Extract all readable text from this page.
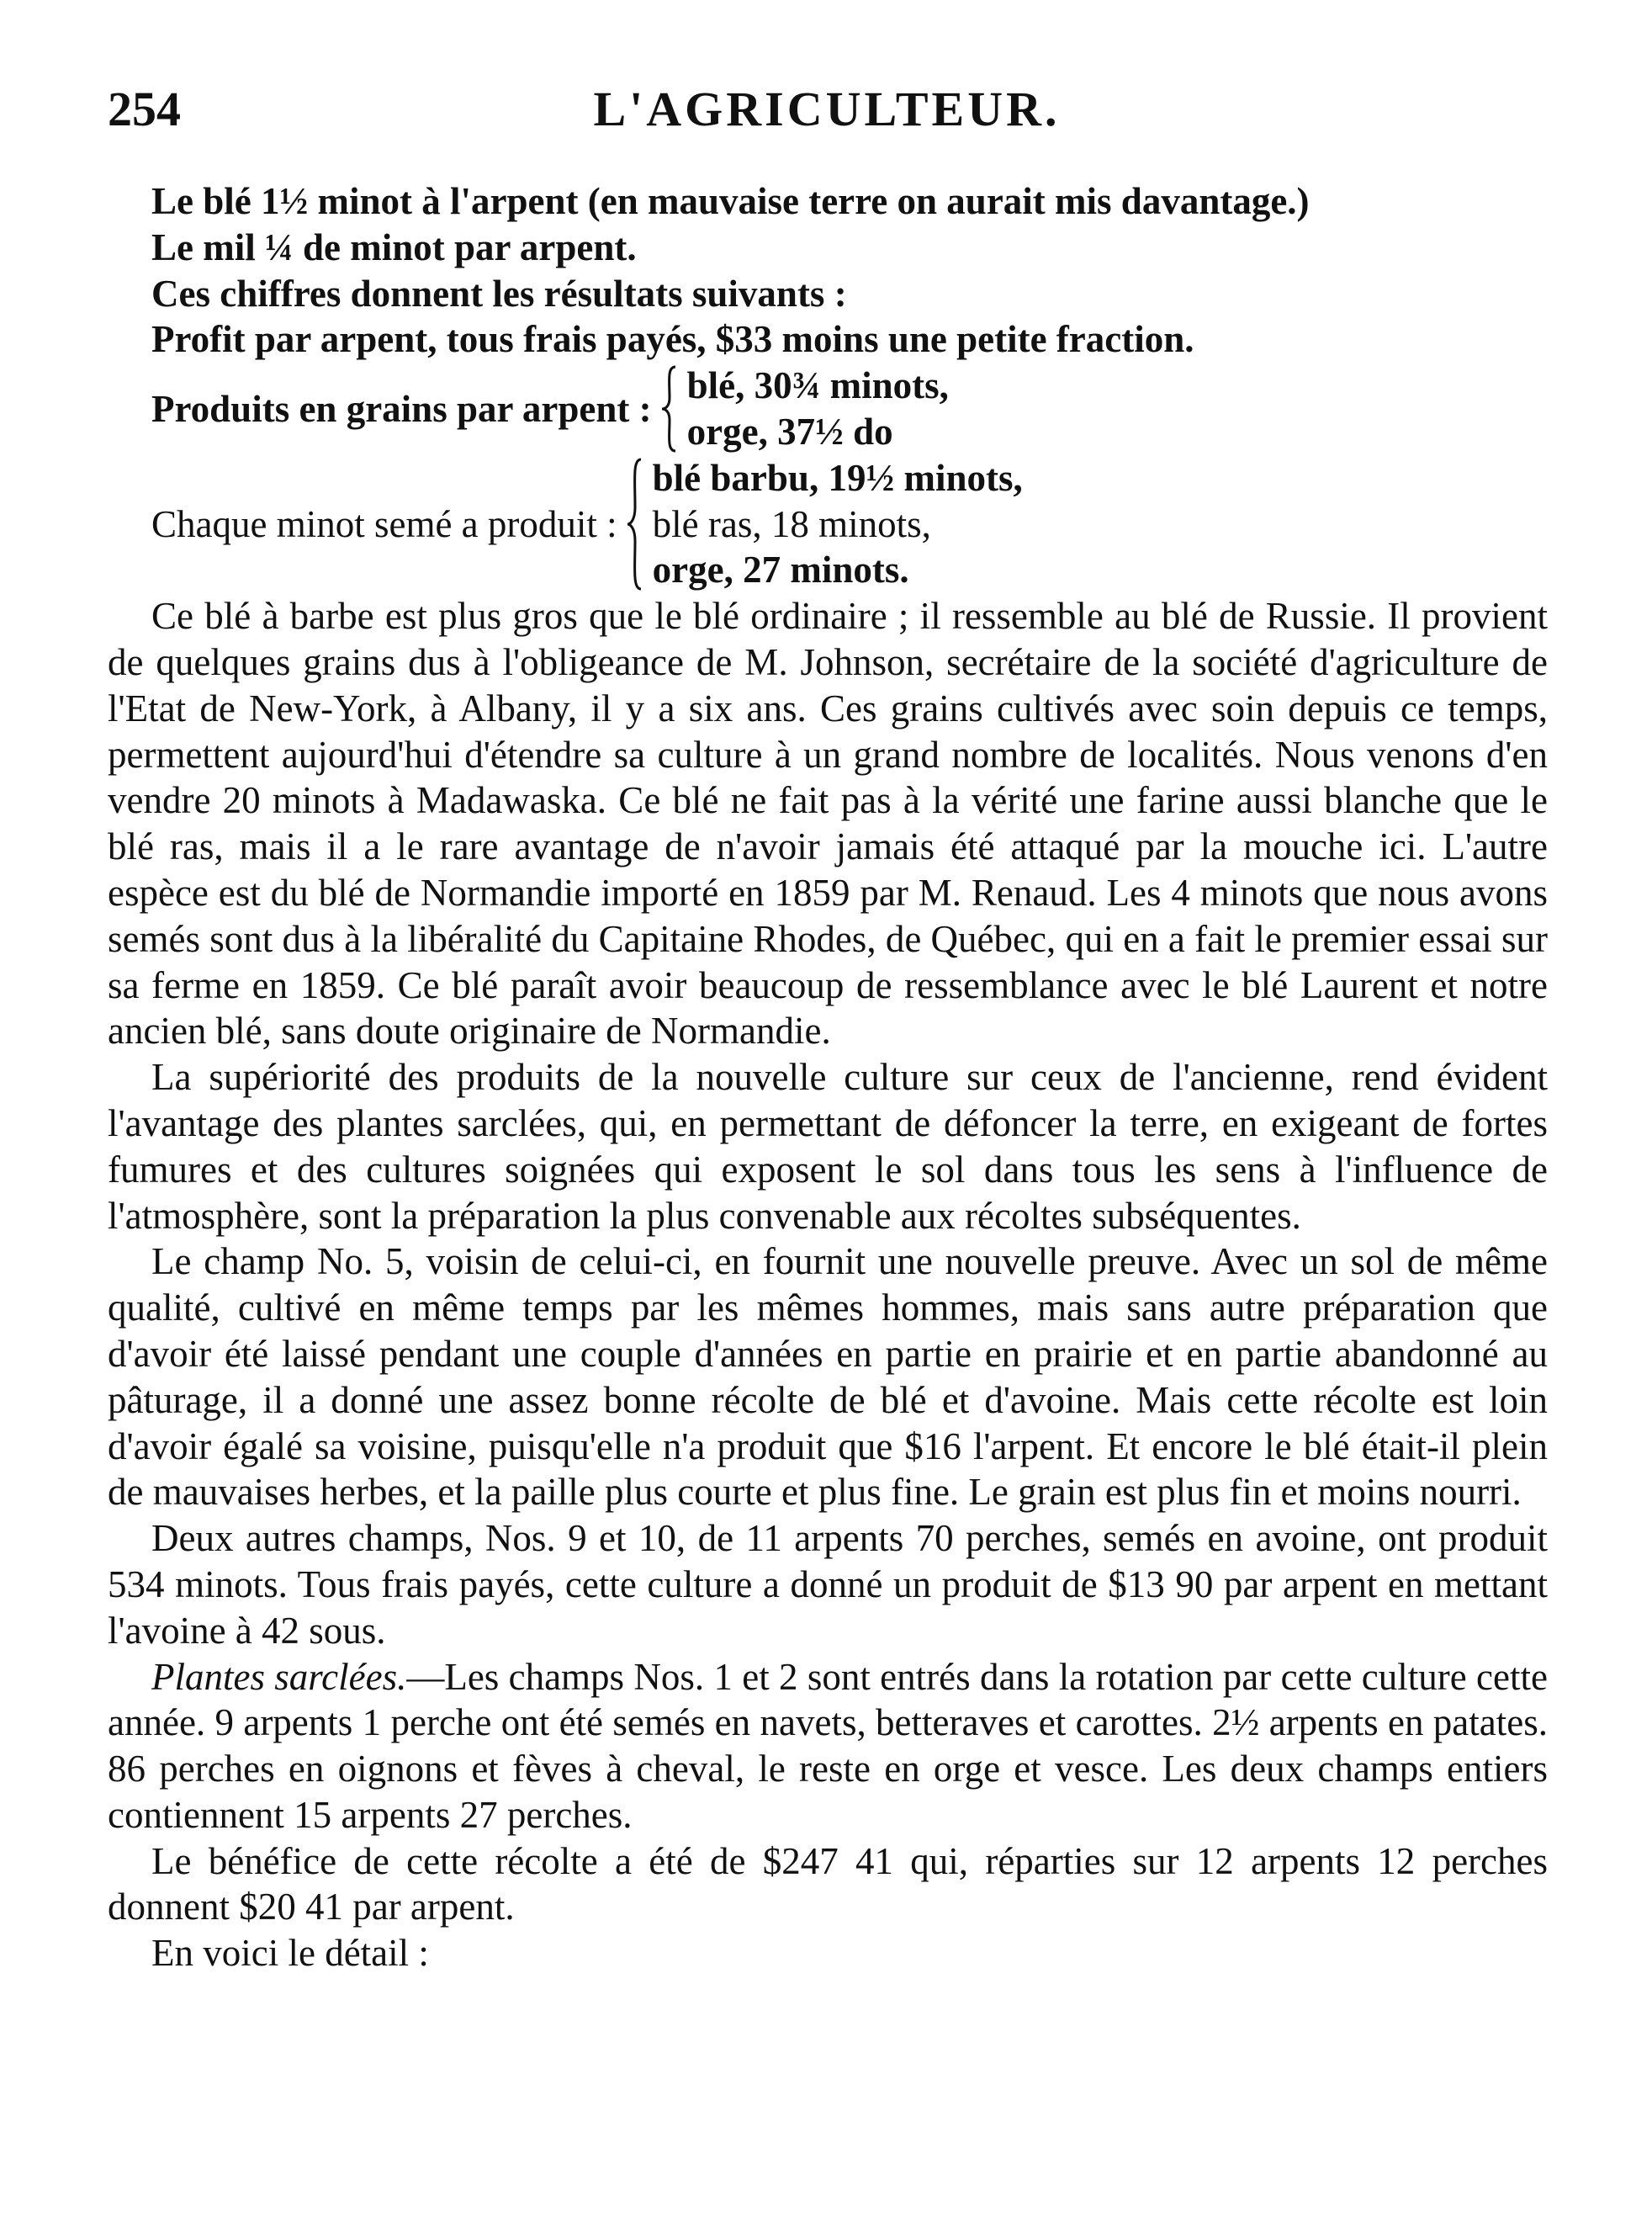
254	L'AGRICULTEUR.
Le blé 1½ minot à l'arpent (en mauvaise terre on aurait mis davantage.)
Le mil ¼ de minot par arpent.
Ces chiffres donnent les résultats suivants :
Profit par arpent, tous frais payés, $33 moins une petite fraction.
Produits en grains par arpent :
blé, 30¾ minots,
orge, 37½ do
Chaque minot semé a produit :
blé barbu, 19½ minots,
blé ras, 18 minots,
orge, 27 minots.

Ce blé à barbe est plus gros que le blé ordinaire ; il ressemble au blé de Russie. Il provient de quelques grains dus à l'obligeance de M. Johnson, secrétaire de la société d'agriculture de l'Etat de New-York, à Albany, il y a six ans. Ces grains cultivés avec soin depuis ce temps, permettent aujourd'hui d'étendre sa culture à un grand nombre de localités. Nous venons d'en vendre 20 minots à Madawaska. Ce blé ne fait pas à la vérité une farine aussi blanche que le blé ras, mais il a le rare avantage de n'avoir jamais été attaqué par la mouche ici. L'autre espèce est du blé de Normandie importé en 1859 par M. Renaud. Les 4 minots que nous avons semés sont dus à la libéralité du Capitaine Rhodes, de Québec, qui en a fait le premier essai sur sa ferme en 1859. Ce blé paraît avoir beaucoup de ressemblance avec le blé Laurent et notre ancien blé, sans doute originaire de Normandie.

La supériorité des produits de la nouvelle culture sur ceux de l'ancienne, rend évident l'avantage des plantes sarclées, qui, en permettant de défoncer la terre, en exigeant de fortes fumures et des cultures soignées qui exposent le sol dans tous les sens à l'influence de l'atmosphère, sont la préparation la plus convenable aux récoltes subséquentes.

Le champ No. 5, voisin de celui-ci, en fournit une nouvelle preuve. Avec un sol de même qualité, cultivé en même temps par les mêmes hommes, mais sans autre préparation que d'avoir été laissé pendant une couple d'années en partie en prairie et en partie abandonné au pâturage, il a donné une assez bonne récolte de blé et d'avoine. Mais cette récolte est loin d'avoir égalé sa voisine, puisqu'elle n'a produit que $16 l'arpent. Et encore le blé était-il plein de mauvaises herbes, et la paille plus courte et plus fine. Le grain est plus fin et moins nourri.

Deux autres champs, Nos. 9 et 10, de 11 arpents 70 perches, semés en avoine, ont produit 534 minots. Tous frais payés, cette culture a donné un produit de $13 90 par arpent en mettant l'avoine à 42 sous.

Plantes sarclées.—Les champs Nos. 1 et 2 sont entrés dans la rotation par cette culture cette année. 9 arpents 1 perche ont été semés en navets, betteraves et carottes. 2½ arpents en patates. 86 perches en oignons et fèves à cheval, le reste en orge et vesce. Les deux champs entiers contiennent 15 arpents 27 perches.

Le bénéfice de cette récolte a été de $247 41 qui, réparties sur 12 arpents 12 perches donnent $20 41 par arpent.

En voici le détail :
